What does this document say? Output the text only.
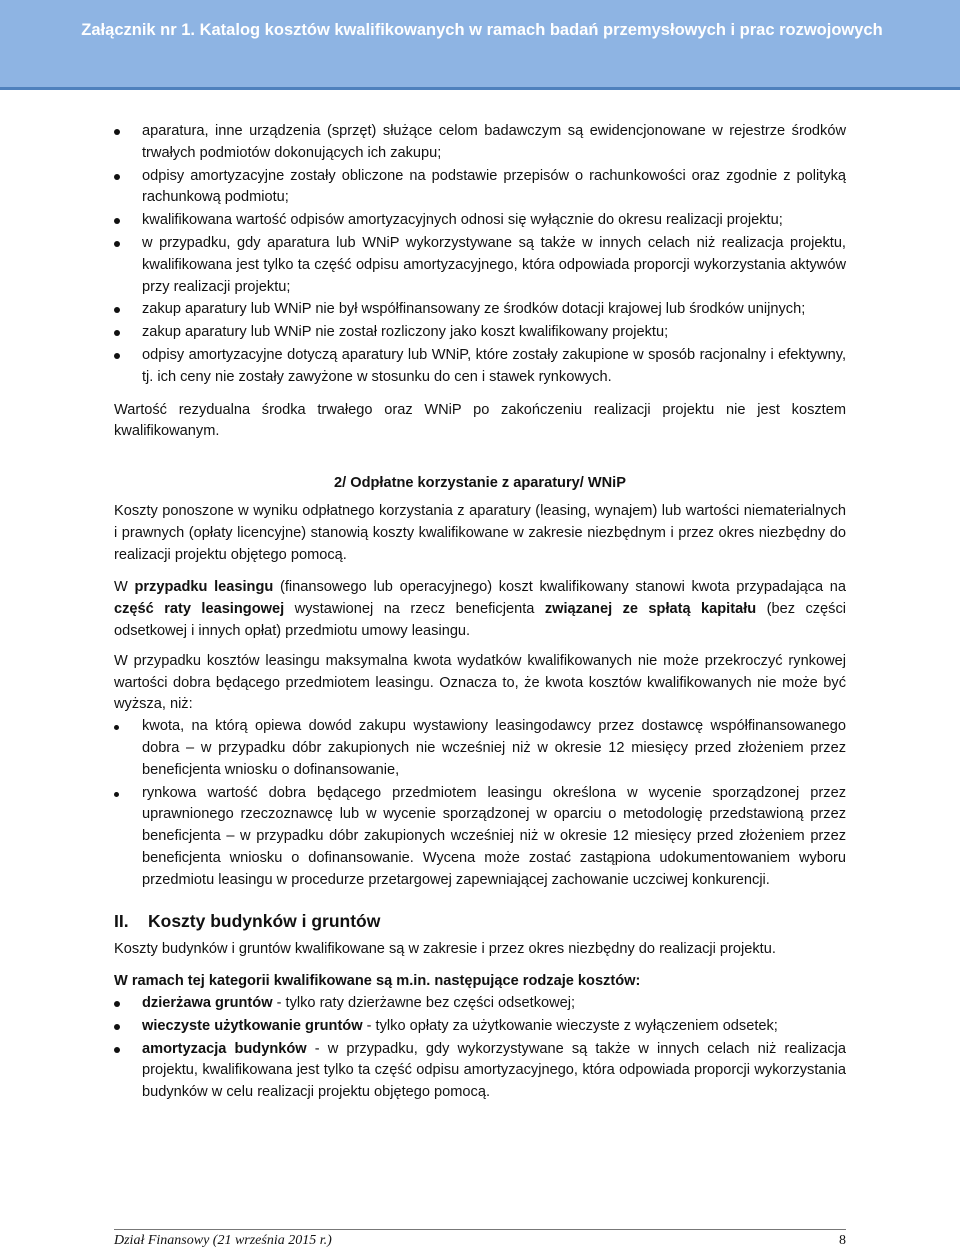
Załącznik nr 1. Katalog kosztów kwalifikowanych w ramach badań przemysłowych i prac rozwojowych
aparatura, inne urządzenia (sprzęt) służące celom badawczym są ewidencjonowane w rejestrze środków trwałych podmiotów dokonujących ich zakupu;
odpisy amortyzacyjne zostały obliczone na podstawie przepisów o rachunkowości oraz zgodnie z polityką rachunkową podmiotu;
kwalifikowana wartość odpisów amortyzacyjnych odnosi się wyłącznie do okresu realizacji projektu;
w przypadku, gdy aparatura lub WNiP wykorzystywane są także w innych celach niż realizacja projektu, kwalifikowana jest tylko ta część odpisu amortyzacyjnego, która odpowiada proporcji wykorzystania aktywów przy realizacji projektu;
zakup aparatury lub WNiP nie był współfinansowany ze środków dotacji krajowej lub środków unijnych;
zakup aparatury lub WNiP nie został rozliczony jako koszt kwalifikowany projektu;
odpisy amortyzacyjne dotyczą aparatury lub WNiP, które zostały zakupione w sposób racjonalny i efektywny, tj. ich ceny nie zostały zawyżone w stosunku do cen i stawek rynkowych.

Wartość rezydualna środka trwałego oraz WNiP po zakończeniu realizacji projektu nie jest kosztem kwalifikowanym.

2/ Odpłatne korzystanie z aparatury/ WNiP

Koszty ponoszone w wyniku odpłatnego korzystania z aparatury (leasing, wynajem) lub wartości niematerialnych i prawnych (opłaty licencyjne) stanowią koszty kwalifikowane w zakresie niezbędnym i przez okres niezbędny do realizacji projektu objętego pomocą.

W przypadku leasingu (finansowego lub operacyjnego) koszt kwalifikowany stanowi kwota przypadająca na część raty leasingowej wystawionej na rzecz beneficjenta związanej ze spłatą kapitału (bez części odsetkowej i innych opłat) przedmiotu umowy leasingu.

W przypadku kosztów leasingu maksymalna kwota wydatków kwalifikowanych nie może przekroczyć rynkowej wartości dobra będącego przedmiotem leasingu. Oznacza to, że kwota kosztów kwalifikowanych nie może być wyższa, niż:

kwota, na którą opiewa dowód zakupu wystawiony leasingodawcy przez dostawcę współfinansowanego dobra – w przypadku dóbr zakupionych nie wcześniej niż w okresie 12 miesięcy przed złożeniem przez beneficjenta wniosku o dofinansowanie,
rynkowa wartość dobra będącego przedmiotem leasingu określona w wycenie sporządzonej przez uprawnionego rzeczoznawcę lub w wycenie sporządzonej w oparciu o metodologię przedstawioną przez beneficjenta – w przypadku dóbr zakupionych wcześniej niż w okresie 12 miesięcy przed złożeniem przez beneficjenta wniosku o dofinansowanie. Wycena może zostać zastąpiona udokumentowaniem wyboru przedmiotu leasingu w procedurze przetargowej zapewniającej zachowanie uczciwej konkurencji.
II. Koszty budynków i gruntów

Koszty budynków i gruntów kwalifikowane są w zakresie i przez okres niezbędny do realizacji projektu.

W ramach tej kategorii kwalifikowane są m.in. następujące rodzaje kosztów:

dzierżawa gruntów - tylko raty dzierżawne bez części odsetkowej;
wieczyste użytkowanie gruntów - tylko opłaty za użytkowanie wieczyste z wyłączeniem odsetek;
amortyzacja budynków - w przypadku, gdy wykorzystywane są także w innych celach niż realizacja projektu, kwalifikowana jest tylko ta część odpisu amortyzacyjnego, która odpowiada proporcji wykorzystania budynków w celu realizacji projektu objętego pomocą.
Dział Finansowy (21 września 2015 r.)	8
